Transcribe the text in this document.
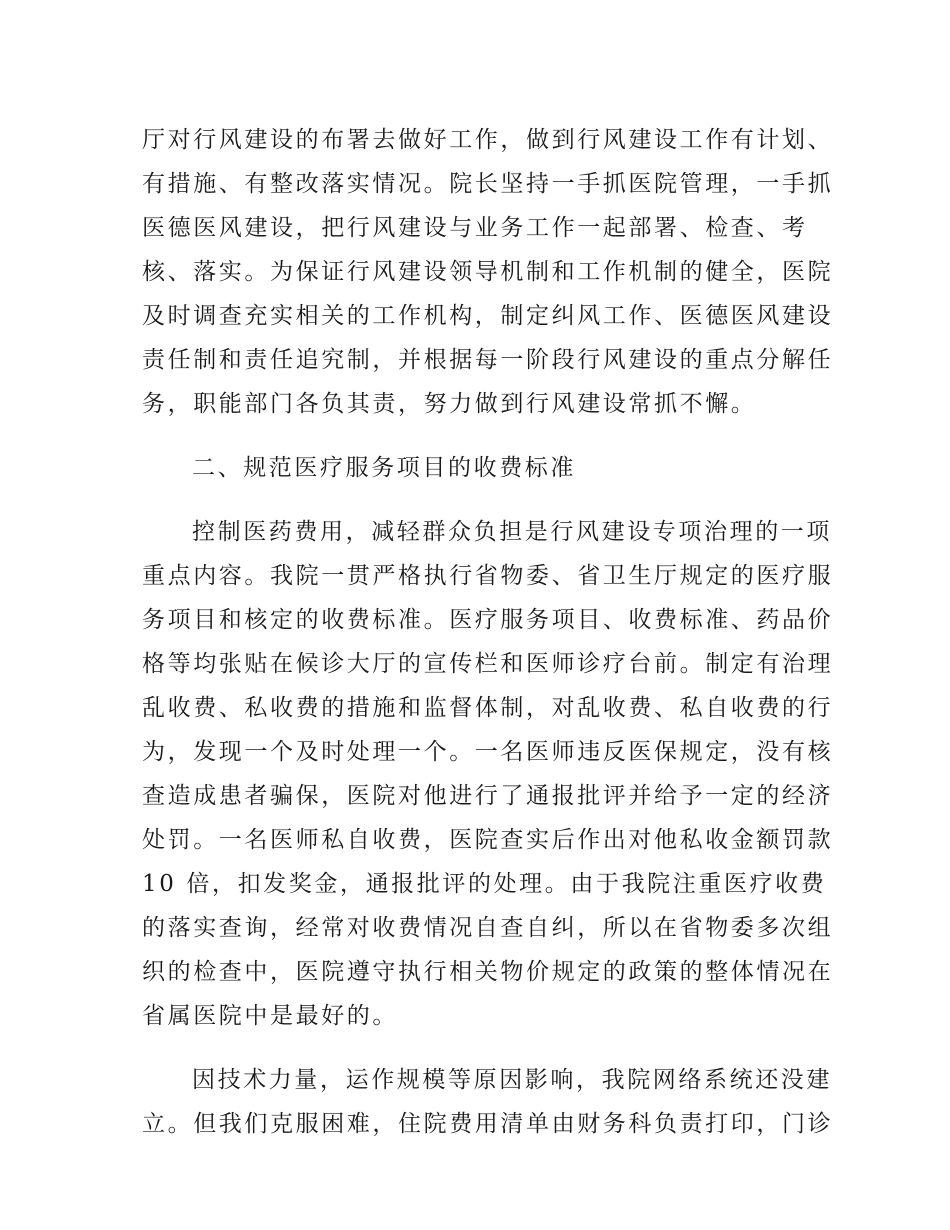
厅对行风建设的布署去做好工作，做到行风建设工作有计划、
有措施、有整改落实情况。院长坚持一手抓医院管理，一手抓
医德医风建设，把行风建设与业务工作一起部署、检查、考
核、落实。为保证行风建设领导机制和工作机制的健全，医院
及时调查充实相关的工作机构，制定纠风工作、医德医风建设
责任制和责任追究制，并根据每一阶段行风建设的重点分解任
务，职能部门各负其责，努力做到行风建设常抓不懈。
二、规范医疗服务项目的收费标准
控制医药费用，减轻群众负担是行风建设专项治理的一项
重点内容。我院一贯严格执行省物委、省卫生厅规定的医疗服
务项目和核定的收费标准。医疗服务项目、收费标准、药品价
格等均张贴在候诊大厅的宣传栏和医师诊疗台前。制定有治理
乱收费、私收费的措施和监督体制，对乱收费、私自收费的行
为，发现一个及时处理一个。一名医师违反医保规定，没有核
查造成患者骗保，医院对他进行了通报批评并给予一定的经济
处罚。一名医师私自收费，医院查实后作出对他私收金额罚款
10 倍，扣发奖金，通报批评的处理。由于我院注重医疗收费
的落实查询，经常对收费情况自查自纠，所以在省物委多次组
织的检查中，医院遵守执行相关物价规定的政策的整体情况在
省属医院中是最好的。
因技术力量，运作规模等原因影响，我院网络系统还没建
立。但我们克服困难，住院费用清单由财务科负责打印，门诊
